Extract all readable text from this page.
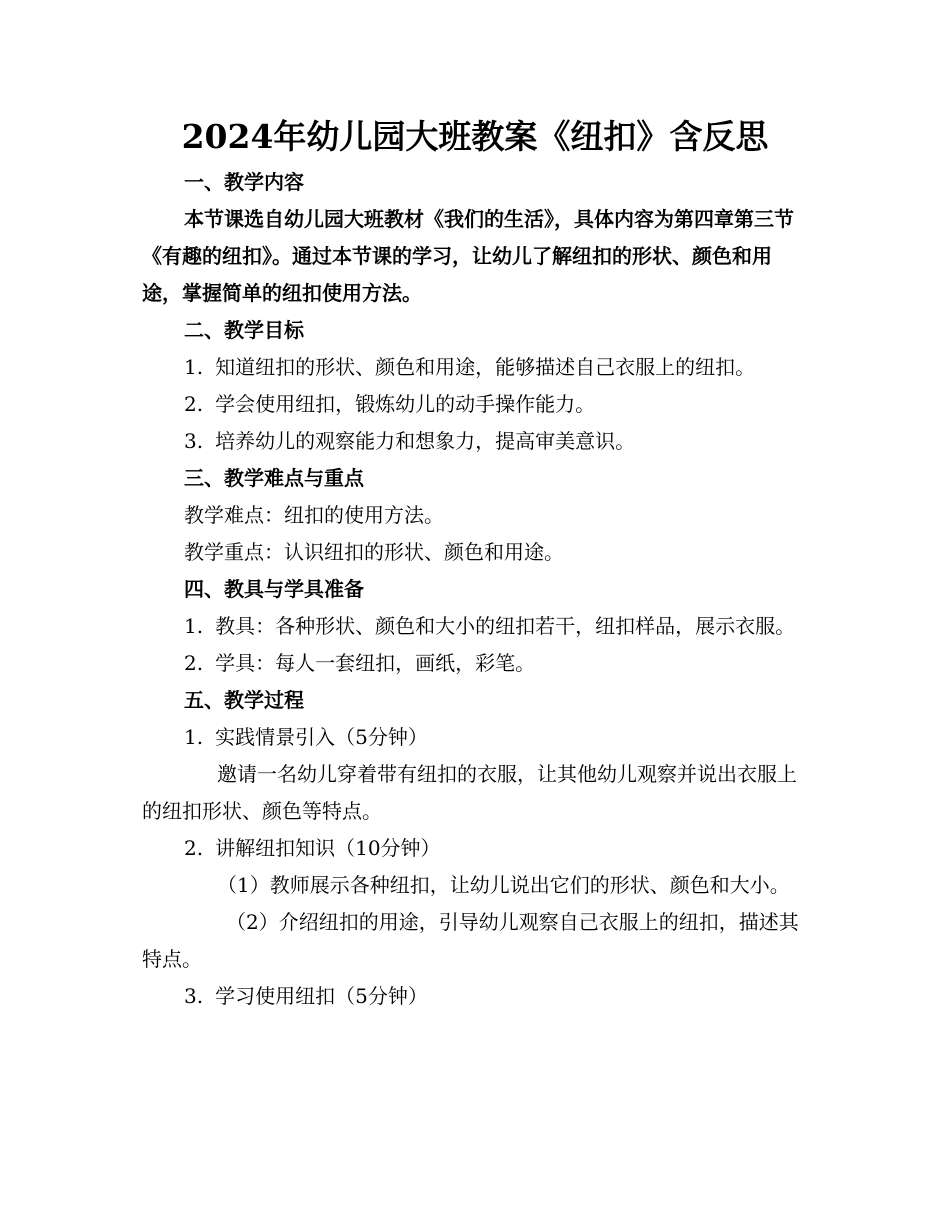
2024年幼儿园大班教案《纽扣》含反思

一、教学内容

本节课选自幼儿园大班教材《我们的生活》，具体内容为第四章第三节《有趣的纽扣》。通过本节课的学习，让幼儿了解纽扣的形状、颜色和用途，掌握简单的纽扣使用方法。

二、教学目标

1. 知道纽扣的形状、颜色和用途，能够描述自己衣服上的纽扣。

2. 学会使用纽扣，锻炼幼儿的动手操作能力。

3. 培养幼儿的观察能力和想象力，提高审美意识。

三、教学难点与重点

教学难点：纽扣的使用方法。

教学重点：认识纽扣的形状、颜色和用途。

四、教具与学具准备

1. 教具：各种形状、颜色和大小的纽扣若干，纽扣样品，展示衣服。

2. 学具：每人一套纽扣，画纸，彩笔。

五、教学过程

1. 实践情景引入（5分钟）

邀请一名幼儿穿着带有纽扣的衣服，让其他幼儿观察并说出衣服上的纽扣形状、颜色等特点。

2. 讲解纽扣知识（10分钟）

（1）教师展示各种纽扣，让幼儿说出它们的形状、颜色和大小。

（2）介绍纽扣的用途，引导幼儿观察自己衣服上的纽扣，描述其特点。

3. 学习使用纽扣（5分钟）
